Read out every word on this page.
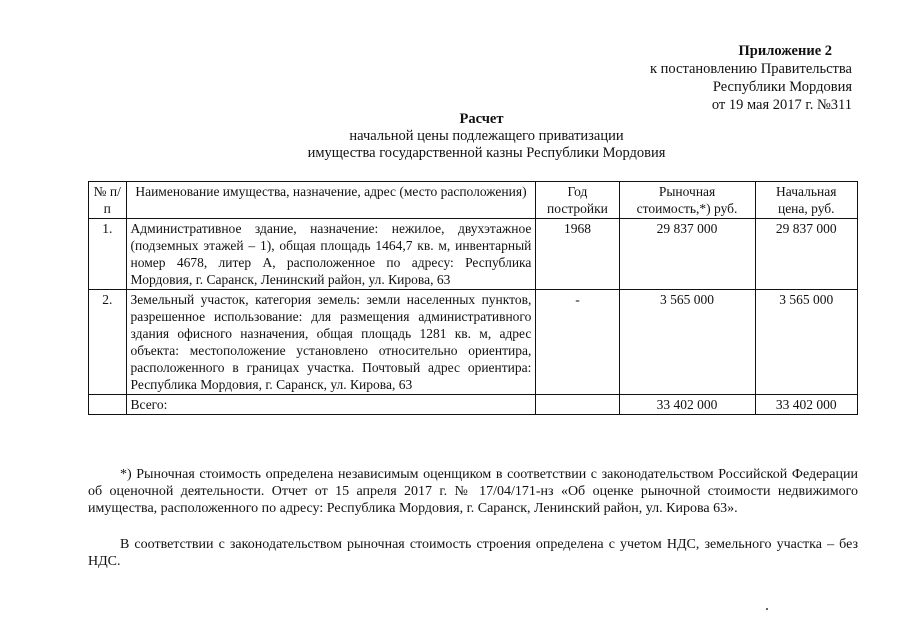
Приложение 2
к постановлению Правительства
Республики Мордовия
от 19 мая 2017 г. №311
Расчет
начальной цены подлежащего приватизации
имущества государственной казны Республики Мордовия
№ п/п	Наименование имущества, назначение, адрес (место расположения)	Год постройки	Рыночная стоимость,*) руб.	Начальная цена, руб.
1.	Административное здание, назначение: нежилое, двухэтажное (подземных этажей – 1), общая площадь 1464,7 кв. м, инвентарный номер 4678, литер А, расположенное по адресу: Республика Мордовия, г. Саранск, Ленинский район, ул. Кирова, 63	1968	29 837 000	29 837 000
2.	Земельный участок, категория земель: земли населенных пунктов, разрешенное использование: для размещения административного здания офисного назначения, общая площадь 1281 кв. м, адрес объекта: местоположение установлено относительно ориентира, расположенного в границах участка. Почтовый адрес ориентира: Республика Мордовия, г. Саранск, ул. Кирова, 63	-	3 565 000	3 565 000
	Всего:		33 402 000	33 402 000

*) Рыночная стоимость определена независимым оценщиком в соответствии с законодательством Российской Федерации об оценочной деятельности. Отчет от 15 апреля 2017 г. № 17/04/171-нз «Об оценке рыночной стоимости недвижимого имущества, расположенного по адресу: Республика Мордовия, г. Саранск, Ленинский район, ул. Кирова 63».

В соответствии с законодательством рыночная стоимость строения определена с учетом НДС, земельного участка – без НДС.
